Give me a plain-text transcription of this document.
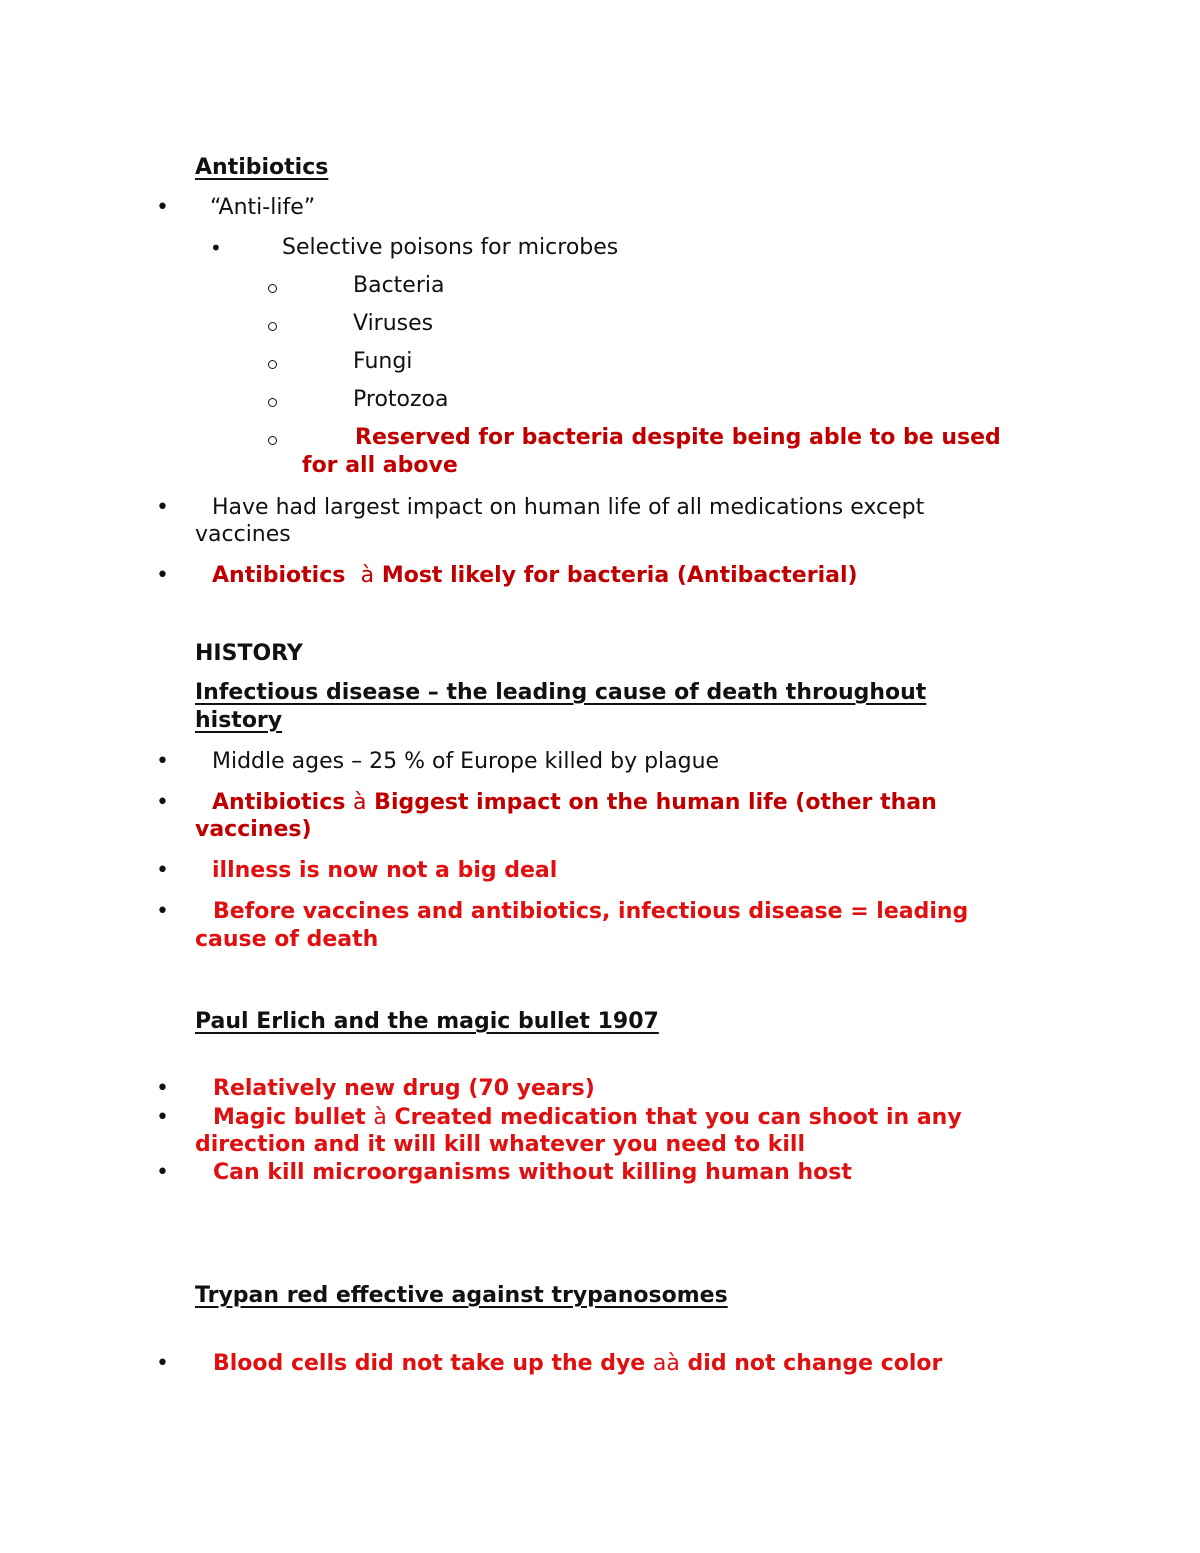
Antibiotics
• “Anti-life”
•	Selective poisons for microbes
Bacteria
Viruses
Fungi
Protozoa
Reserved for bacteria despite being able to be used
for all above
• Have had largest impact on human life of all medications except
vaccines
• Antibiotics à Most likely for bacteria (Antibacterial)
HISTORY
Infectious disease – the leading cause of death throughout
history
• Middle ages – 25 % of Europe killed by plague
• Antibiotics à Biggest impact on the human life (other than
vaccines)
• illness is now not a big deal
• Before vaccines and antibiotics, infectious disease = leading
cause of death
Paul Erlich and the magic bullet 1907
• Relatively new drug (70 years)
• Magic bullet à Created medication that you can shoot in any
direction and it will kill whatever you need to kill
• Can kill microorganisms without killing human host
Trypan red effective against trypanosomes
• Blood cells did not take up the dye aà did not change color
